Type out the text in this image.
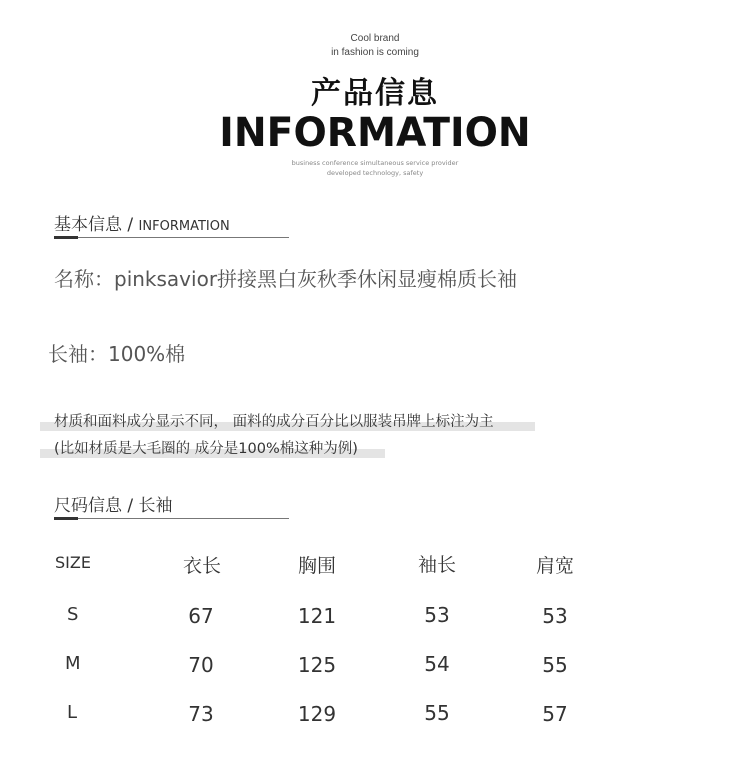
Cool brand
in fashion is coming
产品信息
INFORMATION
business conference simultaneous service provider
developed technology, safety
基本信息 / INFORMATION
名称：pinksavior拼接黑白灰秋季休闲显瘦棉质长袖
长袖：100%棉
材质和面料成分显示不同， 面料的成分百分比以服装吊牌上标注为主
(比如材质是大毛圈的 成分是100%棉这种为例)
尺码信息 / 长袖
SIZE	衣长	胸围	袖长	肩宽
S	67	121	53	53
M	70	125	54	55
L	73	129	55	57
